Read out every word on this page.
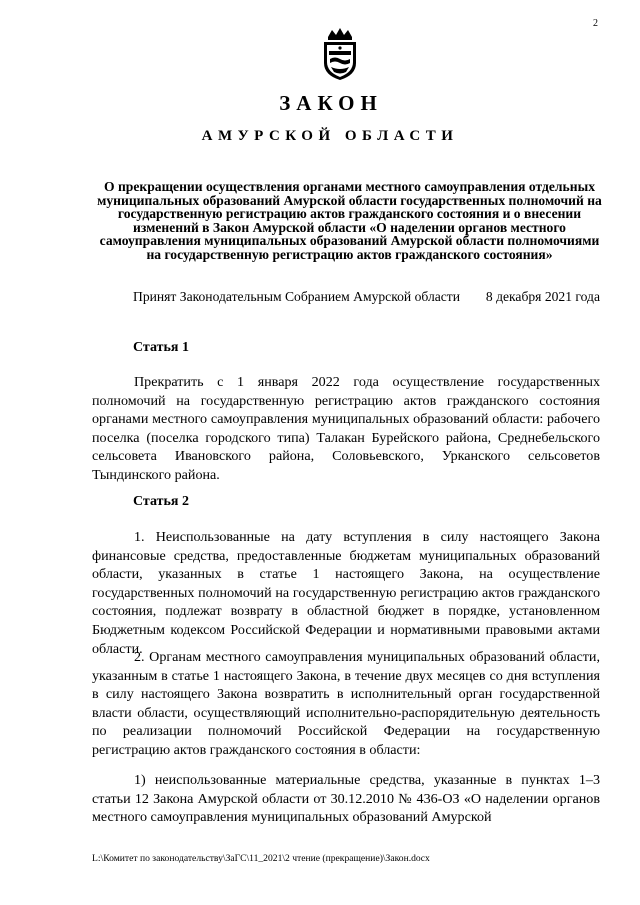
2
ЗАКОН
АМУРСКОЙ ОБЛАСТИ
О прекращении осуществления органами местного самоуправления отдельных муниципальных образований Амурской области государственных полномочий на государственную регистрацию актов гражданского состояния и о внесении изменений в Закон Амурской области «О наделении органов местного самоуправления муниципальных образований Амурской области полномочиями на государственную регистрацию актов гражданского состояния»
Принят Законодательным Собранием Амурской области 8 декабря 2021 года
Статья 1

Прекратить с 1 января 2022 года осуществление государственных полномочий на государственную регистрацию актов гражданского состояния органами местного самоуправления муниципальных образований области: рабочего поселка (поселка городского типа) Талакан Бурейского района, Среднебельского сельсовета Ивановского района, Соловьевского, Урканского сельсоветов Тындинского района.

Статья 2

1. Неиспользованные на дату вступления в силу настоящего Закона финансовые средства, предоставленные бюджетам муниципальных образований области, указанных в статье 1 настоящего Закона, на осуществление государственных полномочий на государственную регистрацию актов гражданского состояния, подлежат возврату в областной бюджет в порядке, установленном Бюджетным кодексом Российской Федерации и нормативными правовыми актами области.

2. Органам местного самоуправления муниципальных образований области, указанным в статье 1 настоящего Закона, в течение двух месяцев со дня вступления в силу настоящего Закона возвратить в исполнительный орган государственной власти области, осуществляющий исполнительно-распорядительную деятельность по реализации полномочий Российской Федерации на государственную регистрацию актов гражданского состояния в области:

1) неиспользованные материальные средства, указанные в пунктах 1–3 статьи 12 Закона Амурской области от 30.12.2010 № 436-ОЗ «О наделении органов местного самоуправления муниципальных образований Амурской

L:\Комитет по законодательству\ЗаГС\11_2021\2 чтение (прекращение)\Закон.docx
